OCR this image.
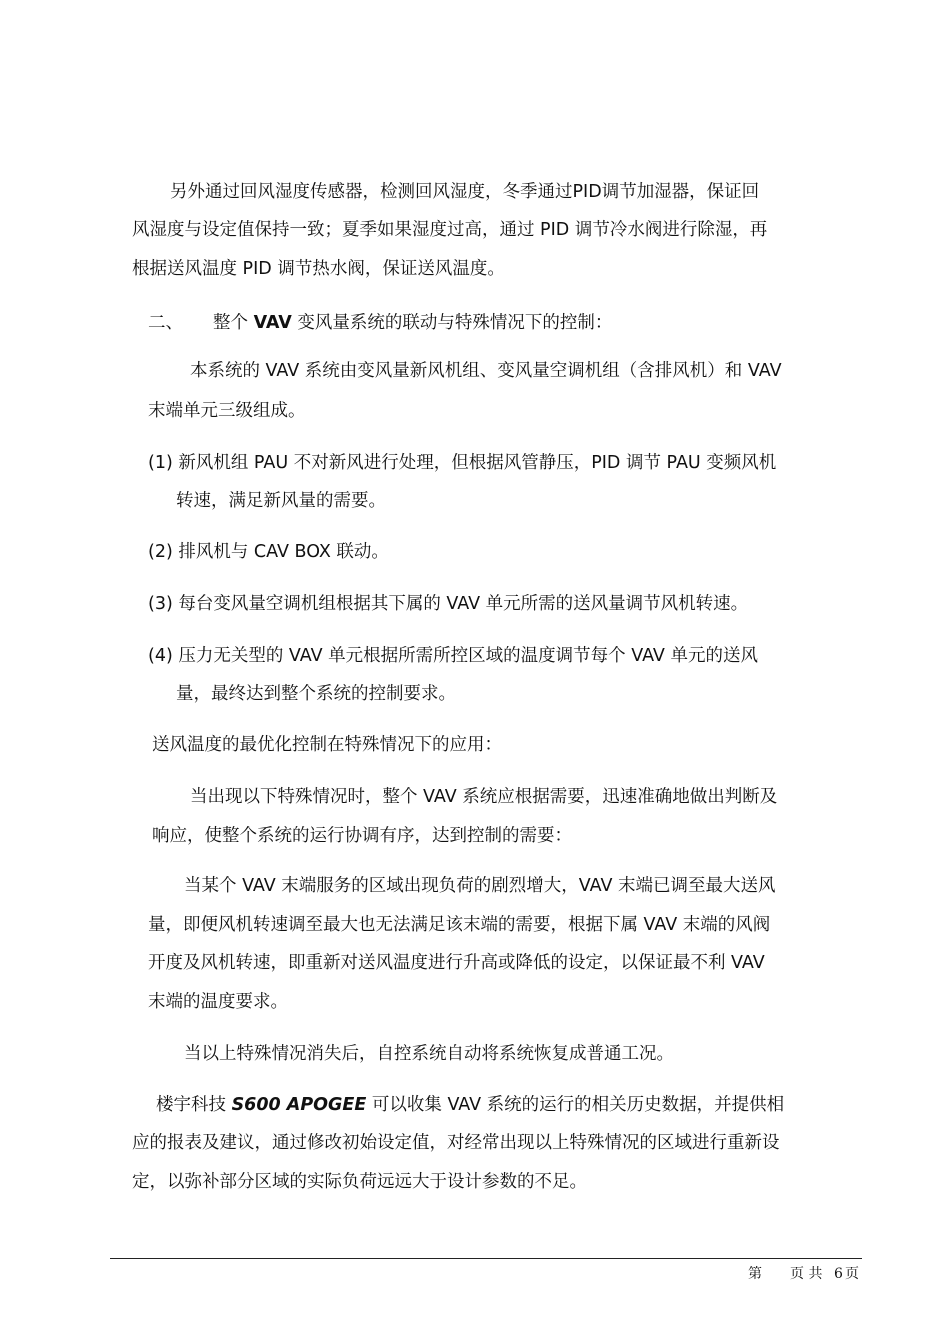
另外通过回风湿度传感器，检测回风湿度，冬季通过PID调节加湿器，保证回
风湿度与设定值保持一致；夏季如果湿度过高，通过 PID 调节冷水阀进行除湿，再
根据送风温度 PID 调节热水阀，保证送风温度。
二、 整个 VAV 变风量系统的联动与特殊情况下的控制：
本系统的 VAV 系统由变风量新风机组、变风量空调机组（含排风机）和 VAV
末端单元三级组成。
(1) 新风机组 PAU 不对新风进行处理，但根据风管静压，PID 调节 PAU 变频风机
转速，满足新风量的需要。
(2) 排风机与 CAV BOX 联动。
(3) 每台变风量空调机组根据其下属的 VAV 单元所需的送风量调节风机转速。
(4) 压力无关型的 VAV 单元根据所需所控区域的温度调节每个 VAV 单元的送风
量，最终达到整个系统的控制要求。
送风温度的最优化控制在特殊情况下的应用：
当出现以下特殊情况时，整个 VAV 系统应根据需要，迅速准确地做出判断及
响应，使整个系统的运行协调有序，达到控制的需要：
当某个 VAV 末端服务的区域出现负荷的剧烈增大，VAV 末端已调至最大送风
量，即便风机转速调至最大也无法满足该末端的需要，根据下属 VAV 末端的风阀
开度及风机转速，即重新对送风温度进行升高或降低的设定，以保证最不利 VAV
末端的温度要求。
当以上特殊情况消失后，自控系统自动将系统恢复成普通工况。
楼宇科技 S600 APOGEE 可以收集 VAV 系统的运行的相关历史数据，并提供相
应的报表及建议，通过修改初始设定值，对经常出现以上特殊情况的区域进行重新设
定，以弥补部分区域的实际负荷远远大于设计参数的不足。
第 页 共 6 页
